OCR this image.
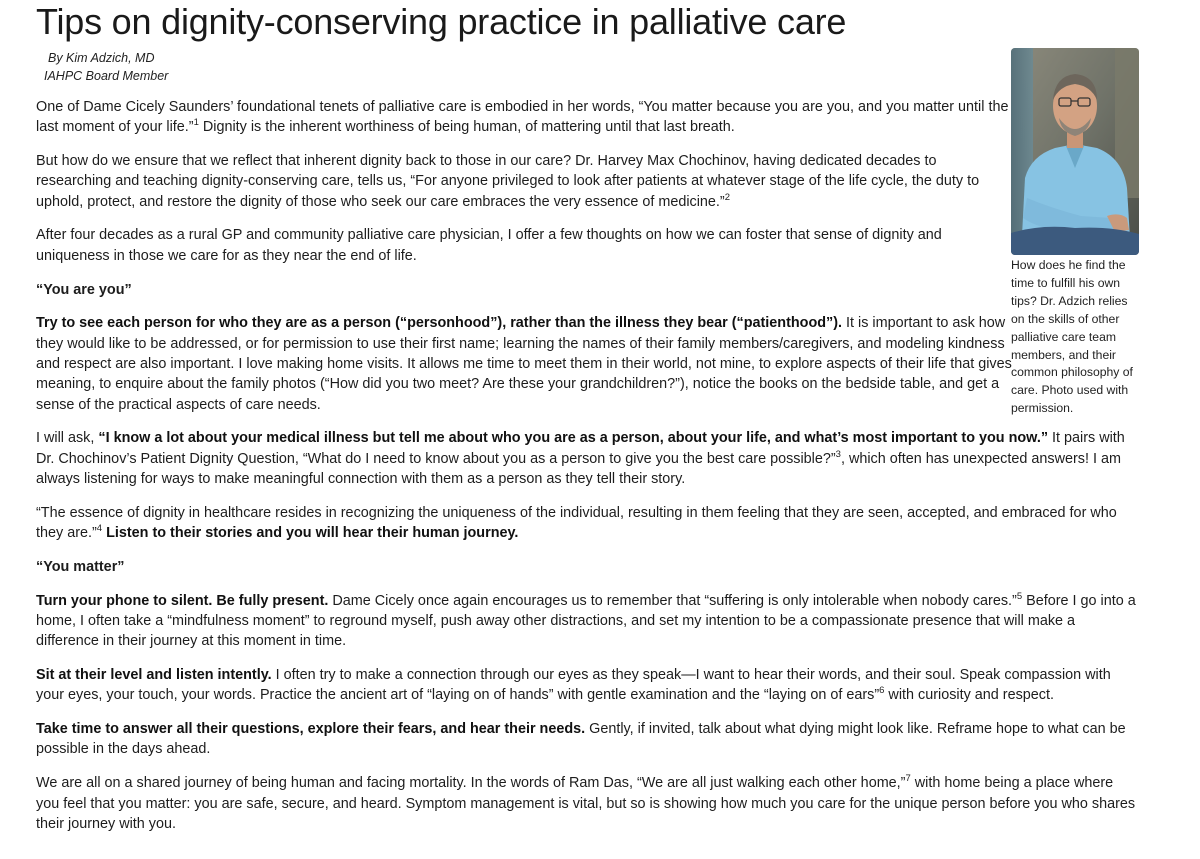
Tips on dignity-conserving practice in palliative care
By Kim Adzich, MD
IAHPC Board Member
How does he find the time to fulfill his own tips? Dr. Adzich relies on the skills of other palliative care team members, and their common philosophy of care. Photo used with permission.

One of Dame Cicely Saunders’ foundational tenets of palliative care is embodied in her words, “You matter because you are you, and you matter until the last moment of your life.”$^1$ Dignity is the inherent worthiness of being human, of mattering until that last breath.

But how do we ensure that we reflect that inherent dignity back to those in our care? Dr. Harvey Max Chochinov, having dedicated decades to researching and teaching dignity-conserving care, tells us, “For anyone privileged to look after patients at whatever stage of the life cycle, the duty to uphold, protect, and restore the dignity of those who seek our care embraces the very essence of medicine.”$^2$

After four decades as a rural GP and community palliative care physician, I offer a few thoughts on how we can foster that sense of dignity and uniqueness in those we care for as they near the end of life.

“You are you”

Try to see each person for who they are as a person (“personhood”), rather than the illness they bear (“patienthood”). It is important to ask how they would like to be addressed, or for permission to use their first name; learning the names of their family members/caregivers, and modeling kindness and respect are also important. I love making home visits. It allows me time to meet them in their world, not mine, to explore aspects of their life that gives meaning, to enquire about the family photos (“How did you two meet? Are these your grandchildren?”), notice the books on the bedside table, and get a sense of the practical aspects of care needs.

I will ask, “I know a lot about your medical illness but tell me about who you are as a person, about your life, and what’s most important to you now.” It pairs with Dr. Chochinov’s Patient Dignity Question, “What do I need to know about you as a person to give you the best care possible?”$^3$, which often has unexpected answers! I am always listening for ways to make meaningful connection with them as a person as they tell their story.

“The essence of dignity in healthcare resides in recognizing the uniqueness of the individual, resulting in them feeling that they are seen, accepted, and embraced for who they are.”$^4$ Listen to their stories and you will hear their human journey.

“You matter”

Turn your phone to silent. Be fully present. Dame Cicely once again encourages us to remember that “suffering is only intolerable when nobody cares.”$^5$ Before I go into a home, I often take a “mindfulness moment” to reground myself, push away other distractions, and set my intention to be a compassionate presence that will make a difference in their journey at this moment in time.

Sit at their level and listen intently. I often try to make a connection through our eyes as they speak—I want to hear their words, and their soul. Speak compassion with your eyes, your touch, your words. Practice the ancient art of “laying on of hands” with gentle examination and the “laying on of ears”$^6$ with curiosity and respect.

Take time to answer all their questions, explore their fears, and hear their needs. Gently, if invited, talk about what dying might look like. Reframe hope to what can be possible in the days ahead.

We are all on a shared journey of being human and facing mortality. In the words of Ram Das, “We are all just walking each other home,”$^7$ with home being a place where you feel that you matter: you are safe, secure, and heard. Symptom management is vital, but so is showing how much you care for the unique person before you who shares their journey with you.
